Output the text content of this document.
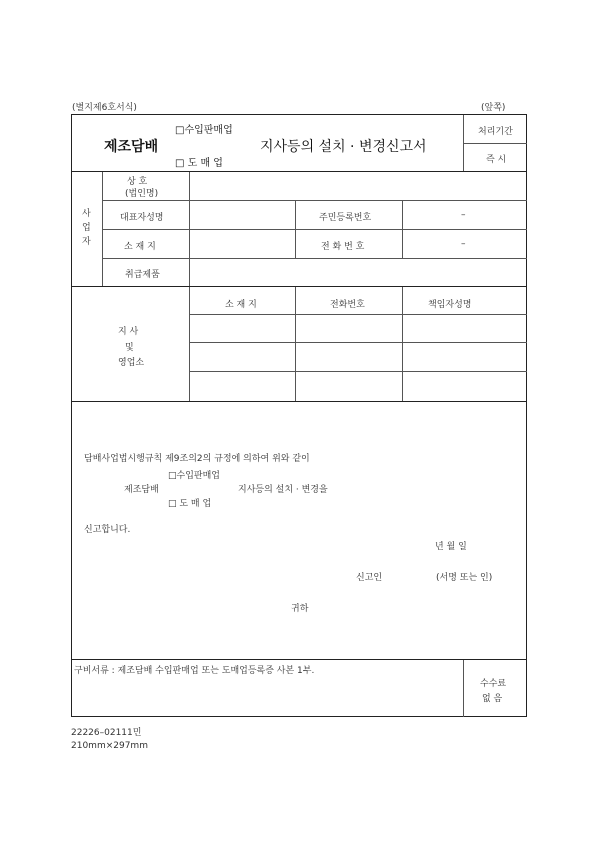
(별지제6호서식)	(앞쪽)
□수입판매업
제조담배	지사등의 설치 · 변경신고서
□ 도 매 업
처리기간
즉 시
사
업
자
상 호
(법인명)
대표자성명	주민등록번호	–
소 재 지	전 화 번 호	–
취급제품
소 재 지	전화번호	책임자성명
지 사
및
영업소
담배사업법시행규칙 제9조의2의 규정에 의하여 위와 같이
□수입판매업
제조담배	지사등의 설치 · 변경을
□ 도 매 업
신고합니다.
년 월 일
신고인	(서명 또는 인)
귀하
구비서류 : 제조담배 수입판매업 또는 도매업등록증 사본 1부.
수수료
없 음
22226–02111민
210mm×297mm
